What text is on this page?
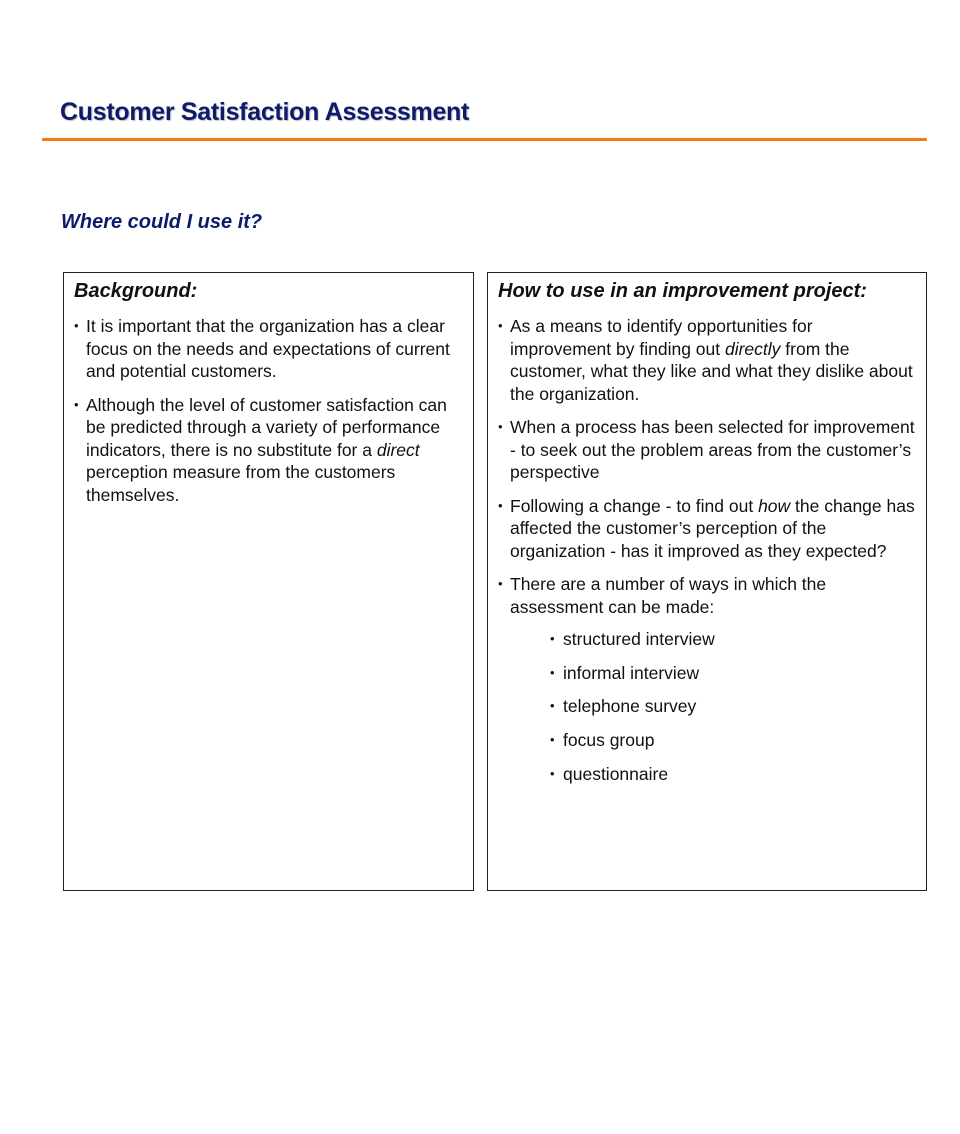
Customer Satisfaction Assessment
Where could I use it?
Background:
• It is important that the organization has a clear focus on the needs and expectations of current and potential customers.
• Although the level of customer satisfaction can be predicted through a variety of performance indicators, there is no substitute for a direct perception measure from the customers themselves.
How to use in an improvement project:
• As a means to identify opportunities for improvement by finding out directly from the customer, what they like and what they dislike about the organization.
• When a process has been selected for improvement - to seek out the problem areas from the customer’s perspective
• Following a change - to find out how the change has affected the customer’s perception of the organization - has it improved as they expected?
• There are a number of ways in which the assessment can be made:
• structured interview
• informal interview
• telephone survey
• focus group
• questionnaire
